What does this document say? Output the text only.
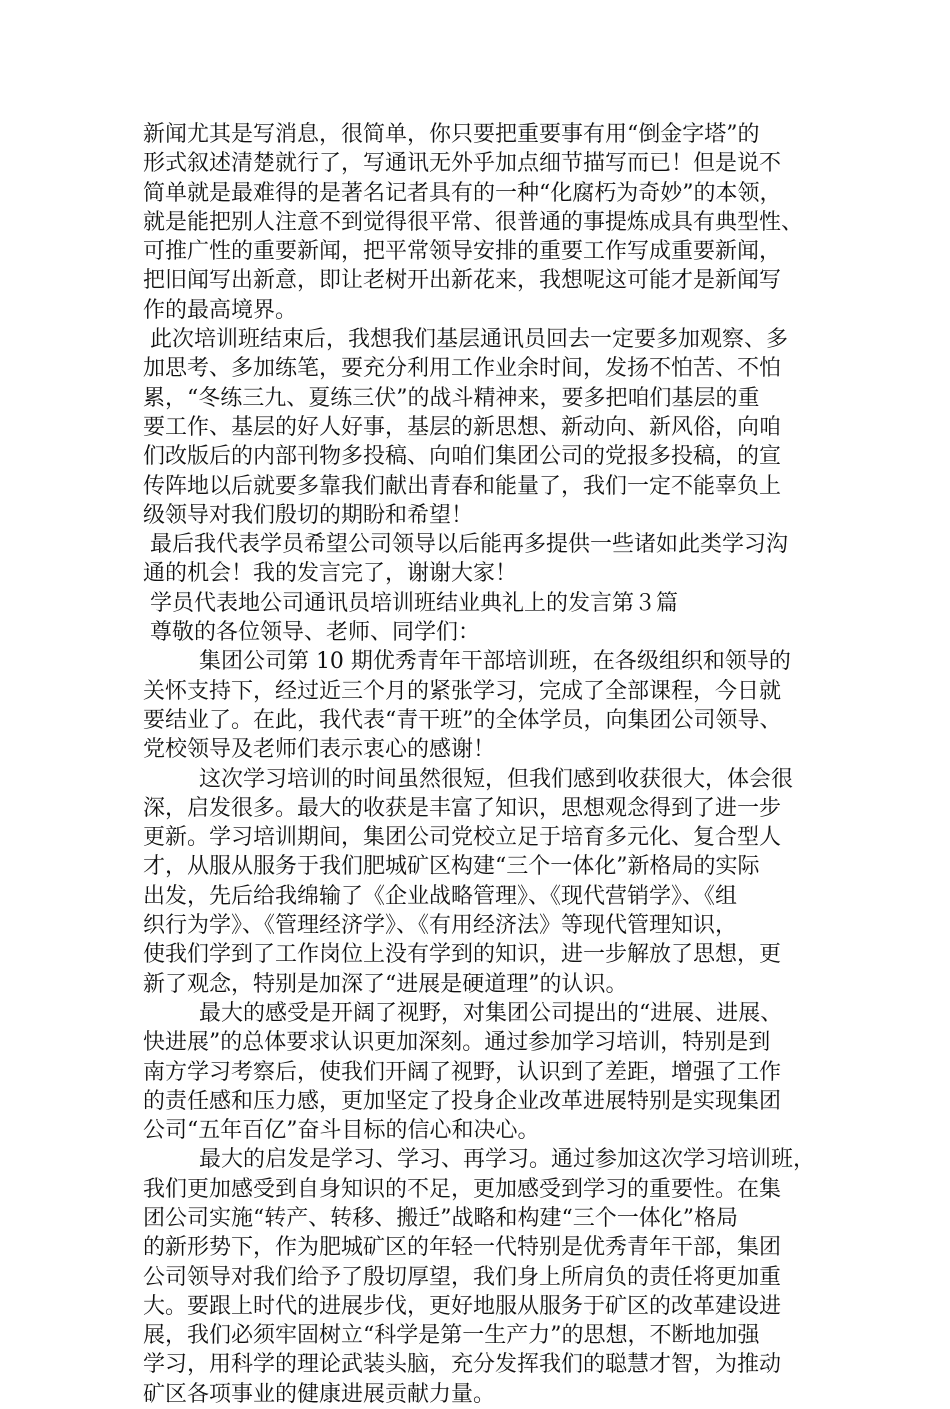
新闻尤其是写消息，很简单，你只要把重要事有用“倒金字塔”的
形式叙述清楚就行了，写通讯无外乎加点细节描写而已！但是说不
简单就是最难得的是著名记者具有的一种“化腐朽为奇妙”的本领，
就是能把别人注意不到觉得很平常、很普通的事提炼成具有典型性、
可推广性的重要新闻，把平常领导安排的重要工作写成重要新闻，
把旧闻写出新意，即让老树开出新花来，我想呢这可能才是新闻写
作的最高境界。
此次培训班结束后，我想我们基层通讯员回去一定要多加观察、多
加思考、多加练笔，要充分利用工作业余时间，发扬不怕苦、不怕
累，“冬练三九、夏练三伏”的战斗精神来，要多把咱们基层的重
要工作、基层的好人好事，基层的新思想、新动向、新风俗，向咱
们改版后的内部刊物多投稿、向咱们集团公司的党报多投稿，的宣
传阵地以后就要多靠我们献出青春和能量了，我们一定不能辜负上
级领导对我们殷切的期盼和希望！
最后我代表学员希望公司领导以后能再多提供一些诸如此类学习沟
通的机会！我的发言完了，谢谢大家！
学员代表地公司通讯员培训班结业典礼上的发言第３篇
尊敬的各位领导、老师、同学们：
集团公司第 10 期优秀青年干部培训班，在各级组织和领导的
关怀支持下，经过近三个月的紧张学习，完成了全部课程，今日就
要结业了。在此，我代表“青干班”的全体学员，向集团公司领导、
党校领导及老师们表示衷心的感谢！
这次学习培训的时间虽然很短，但我们感到收获很大，体会很
深，启发很多。最大的收获是丰富了知识，思想观念得到了进一步
更新。学习培训期间，集团公司党校立足于培育多元化、复合型人
才，从服从服务于我们肥城矿区构建“三个一体化”新格局的实际
出发，先后给我绵输了《企业战略管理》、《现代营销学》、《组
织行为学》、《管理经济学》、《有用经济法》等现代管理知识，
使我们学到了工作岗位上没有学到的知识，进一步解放了思想，更
新了观念，特别是加深了“进展是硬道理”的认识。
最大的感受是开阔了视野，对集团公司提出的“进展、进展、
快进展”的总体要求认识更加深刻。通过参加学习培训，特别是到
南方学习考察后，使我们开阔了视野，认识到了差距，增强了工作
的责任感和压力感，更加坚定了投身企业改革进展特别是实现集团
公司“五年百亿”奋斗目标的信心和决心。
最大的启发是学习、学习、再学习。通过参加这次学习培训班，
我们更加感受到自身知识的不足，更加感受到学习的重要性。在集
团公司实施“转产、转移、搬迁”战略和构建“三个一体化”格局
的新形势下，作为肥城矿区的年轻一代特别是优秀青年干部，集团
公司领导对我们给予了殷切厚望，我们身上所肩负的责任将更加重
大。要跟上时代的进展步伐，更好地服从服务于矿区的改革建设进
展，我们必须牢固树立“科学是第一生产力”的思想，不断地加强
学习，用科学的理论武装头脑，充分发挥我们的聪慧才智，为推动
矿区各项事业的健康进展贡献力量。
